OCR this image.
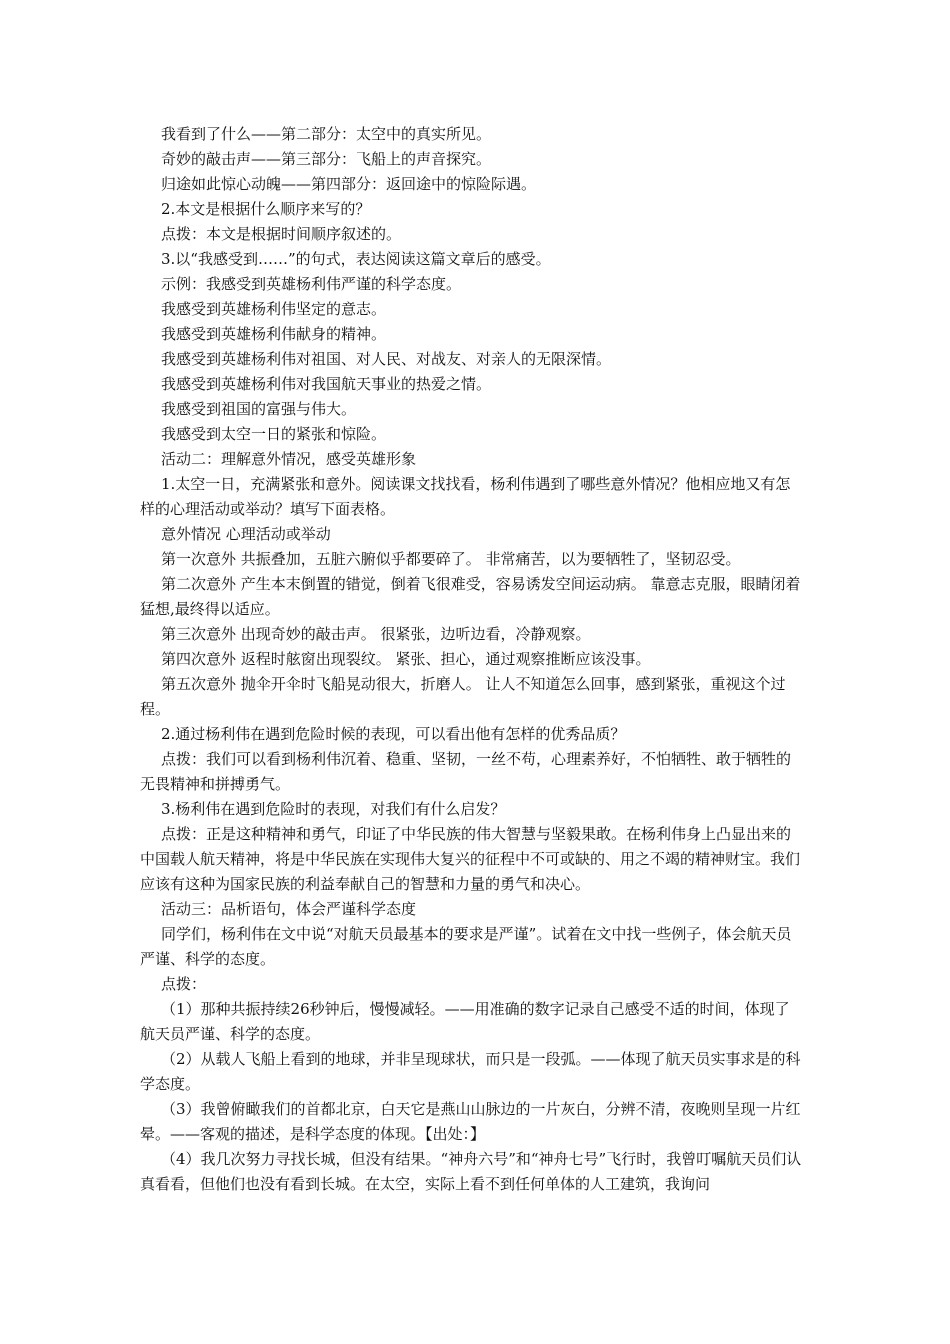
我看到了什么——第二部分：太空中的真实所见。

奇妙的敲击声——第三部分：飞船上的声音探究。

归途如此惊心动魄——第四部分：返回途中的惊险际遇。

2.本文是根据什么顺序来写的？

点拨：本文是根据时间顺序叙述的。

3.以“我感受到……”的句式，表达阅读这篇文章后的感受。

示例：我感受到英雄杨利伟严谨的科学态度。

我感受到英雄杨利伟坚定的意志。

我感受到英雄杨利伟献身的精神。

我感受到英雄杨利伟对祖国、对人民、对战友、对亲人的无限深情。

我感受到英雄杨利伟对我国航天事业的热爱之情。

我感受到祖国的富强与伟大。

我感受到太空一日的紧张和惊险。

活动二：理解意外情况，感受英雄形象

1.太空一日，充满紧张和意外。阅读课文找找看，杨利伟遇到了哪些意外情况？他相应地又有怎样的心理活动或举动？填写下面表格。

意外情况 心理活动或举动

第一次意外 共振叠加，五脏六腑似乎都要碎了。 非常痛苦，以为要牺牲了，坚韧忍受。

第二次意外 产生本末倒置的错觉，倒着飞很难受，容易诱发空间运动病。 靠意志克服，眼睛闭着猛想,最终得以适应。

第三次意外 出现奇妙的敲击声。 很紧张，边听边看，冷静观察。

第四次意外 返程时舷窗出现裂纹。 紧张、担心，通过观察推断应该没事。

第五次意外 抛伞开伞时飞船晃动很大，折磨人。 让人不知道怎么回事，感到紧张，重视这个过程。

2.通过杨利伟在遇到危险时候的表现，可以看出他有怎样的优秀品质？

点拨：我们可以看到杨利伟沉着、稳重、坚韧，一丝不苟，心理素养好，不怕牺牲、敢于牺牲的无畏精神和拼搏勇气。

3.杨利伟在遇到危险时的表现，对我们有什么启发？

点拨：正是这种精神和勇气，印证了中华民族的伟大智慧与坚毅果敢。在杨利伟身上凸显出来的中国载人航天精神，将是中华民族在实现伟大复兴的征程中不可或缺的、用之不竭的精神财宝。我们应该有这种为国家民族的利益奉献自己的智慧和力量的勇气和决心。

活动三：品析语句，体会严谨科学态度

同学们，杨利伟在文中说“对航天员最基本的要求是严谨”。试着在文中找一些例子，体会航天员严谨、科学的态度。

点拨：

（1）那种共振持续26秒钟后，慢慢减轻。——用准确的数字记录自己感受不适的时间，体现了航天员严谨、科学的态度。

（2）从载人飞船上看到的地球，并非呈现球状，而只是一段弧。——体现了航天员实事求是的科学态度。

（3）我曾俯瞰我们的首都北京，白天它是燕山山脉边的一片灰白，分辨不清，夜晚则呈现一片红晕。——客观的描述，是科学态度的体现。【出处：】

（4）我几次努力寻找长城，但没有结果。“神舟六号”和“神舟七号”飞行时，我曾叮嘱航天员们认真看看，但他们也没有看到长城。在太空，实际上看不到任何单体的人工建筑，我询问
